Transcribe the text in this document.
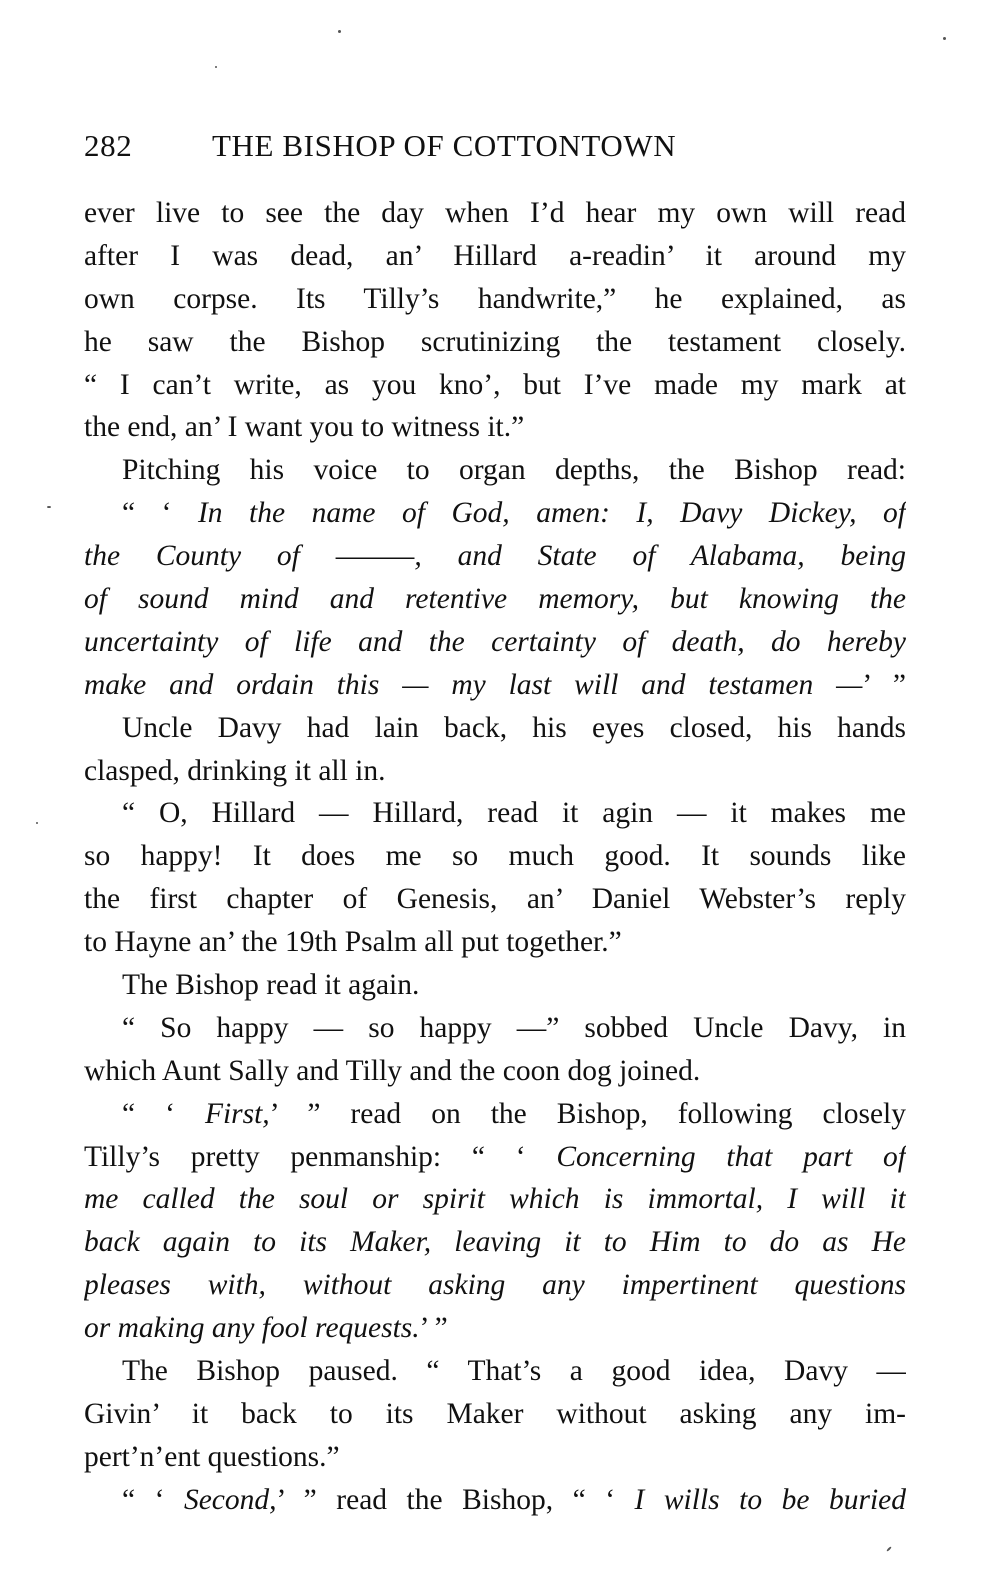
282	THE BISHOP OF COTTONTOWN
ever live to see the day when I’d hear my own will read
after I was dead, an’ Hillard a-readin’ it around my
own corpse. Its Tilly’s handwrite,” he explained, as
he saw the Bishop scrutinizing the testament closely.
“ I can’t write, as you kno’, but I’ve made my mark at
the end, an’ I want you to witness it.”
Pitching his voice to organ depths, the Bishop read:
“ ‘ In the name of God, amen: I, Davy Dickey, of
the County of ———, and State of Alabama, being
of sound mind and retentive memory, but knowing the
uncertainty of life and the certainty of death, do hereby
make and ordain this — my last will and testamen —’ ”
Uncle Davy had lain back, his eyes closed, his hands
clasped, drinking it all in.
“ O, Hillard — Hillard, read it agin — it makes me
so happy! It does me so much good. It sounds like
the first chapter of Genesis, an’ Daniel Webster’s reply
to Hayne an’ the 19th Psalm all put together.”
The Bishop read it again.
“ So happy — so happy —” sobbed Uncle Davy, in
which Aunt Sally and Tilly and the coon dog joined.
“ ‘ First,’ ” read on the Bishop, following closely
Tilly’s pretty penmanship: “ ‘ Concerning that part of
me called the soul or spirit which is immortal, I will it
back again to its Maker, leaving it to Him to do as He
pleases with, without asking any impertinent questions
or making any fool requests.’ ”
The Bishop paused. “ That’s a good idea, Davy —
Givin’ it back to its Maker without asking any im-
pert’n’ent questions.”
“ ‘ Second,’ ” read the Bishop, “ ‘ I wills to be buried
